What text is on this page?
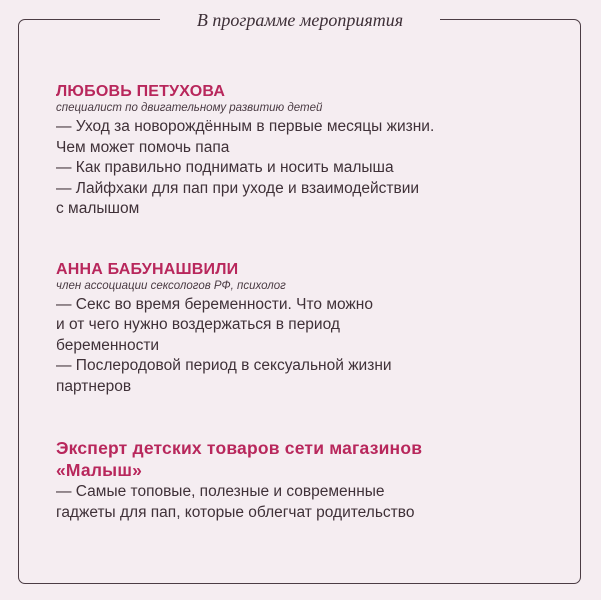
В программе мероприятия
ЛЮБОВЬ ПЕТУХОВА
специалист по двигательному развитию детей
— Уход за новорождённым в первые месяцы жизни.
Чем может помочь папа
— Как правильно поднимать и носить малыша
— Лайфхаки для пап при уходе и взаимодействии
с малышом
АННА БАБУНАШВИЛИ
член ассоциации сексологов РФ, психолог
— Секс во время беременности. Что можно
и от чего нужно воздержаться в период
беременности
— Послеродовой период в сексуальной жизни
партнеров
Эксперт детских товаров сети магазинов
«Малыш»
— Самые топовые, полезные и современные
гаджеты для пап, которые облегчат родительство
